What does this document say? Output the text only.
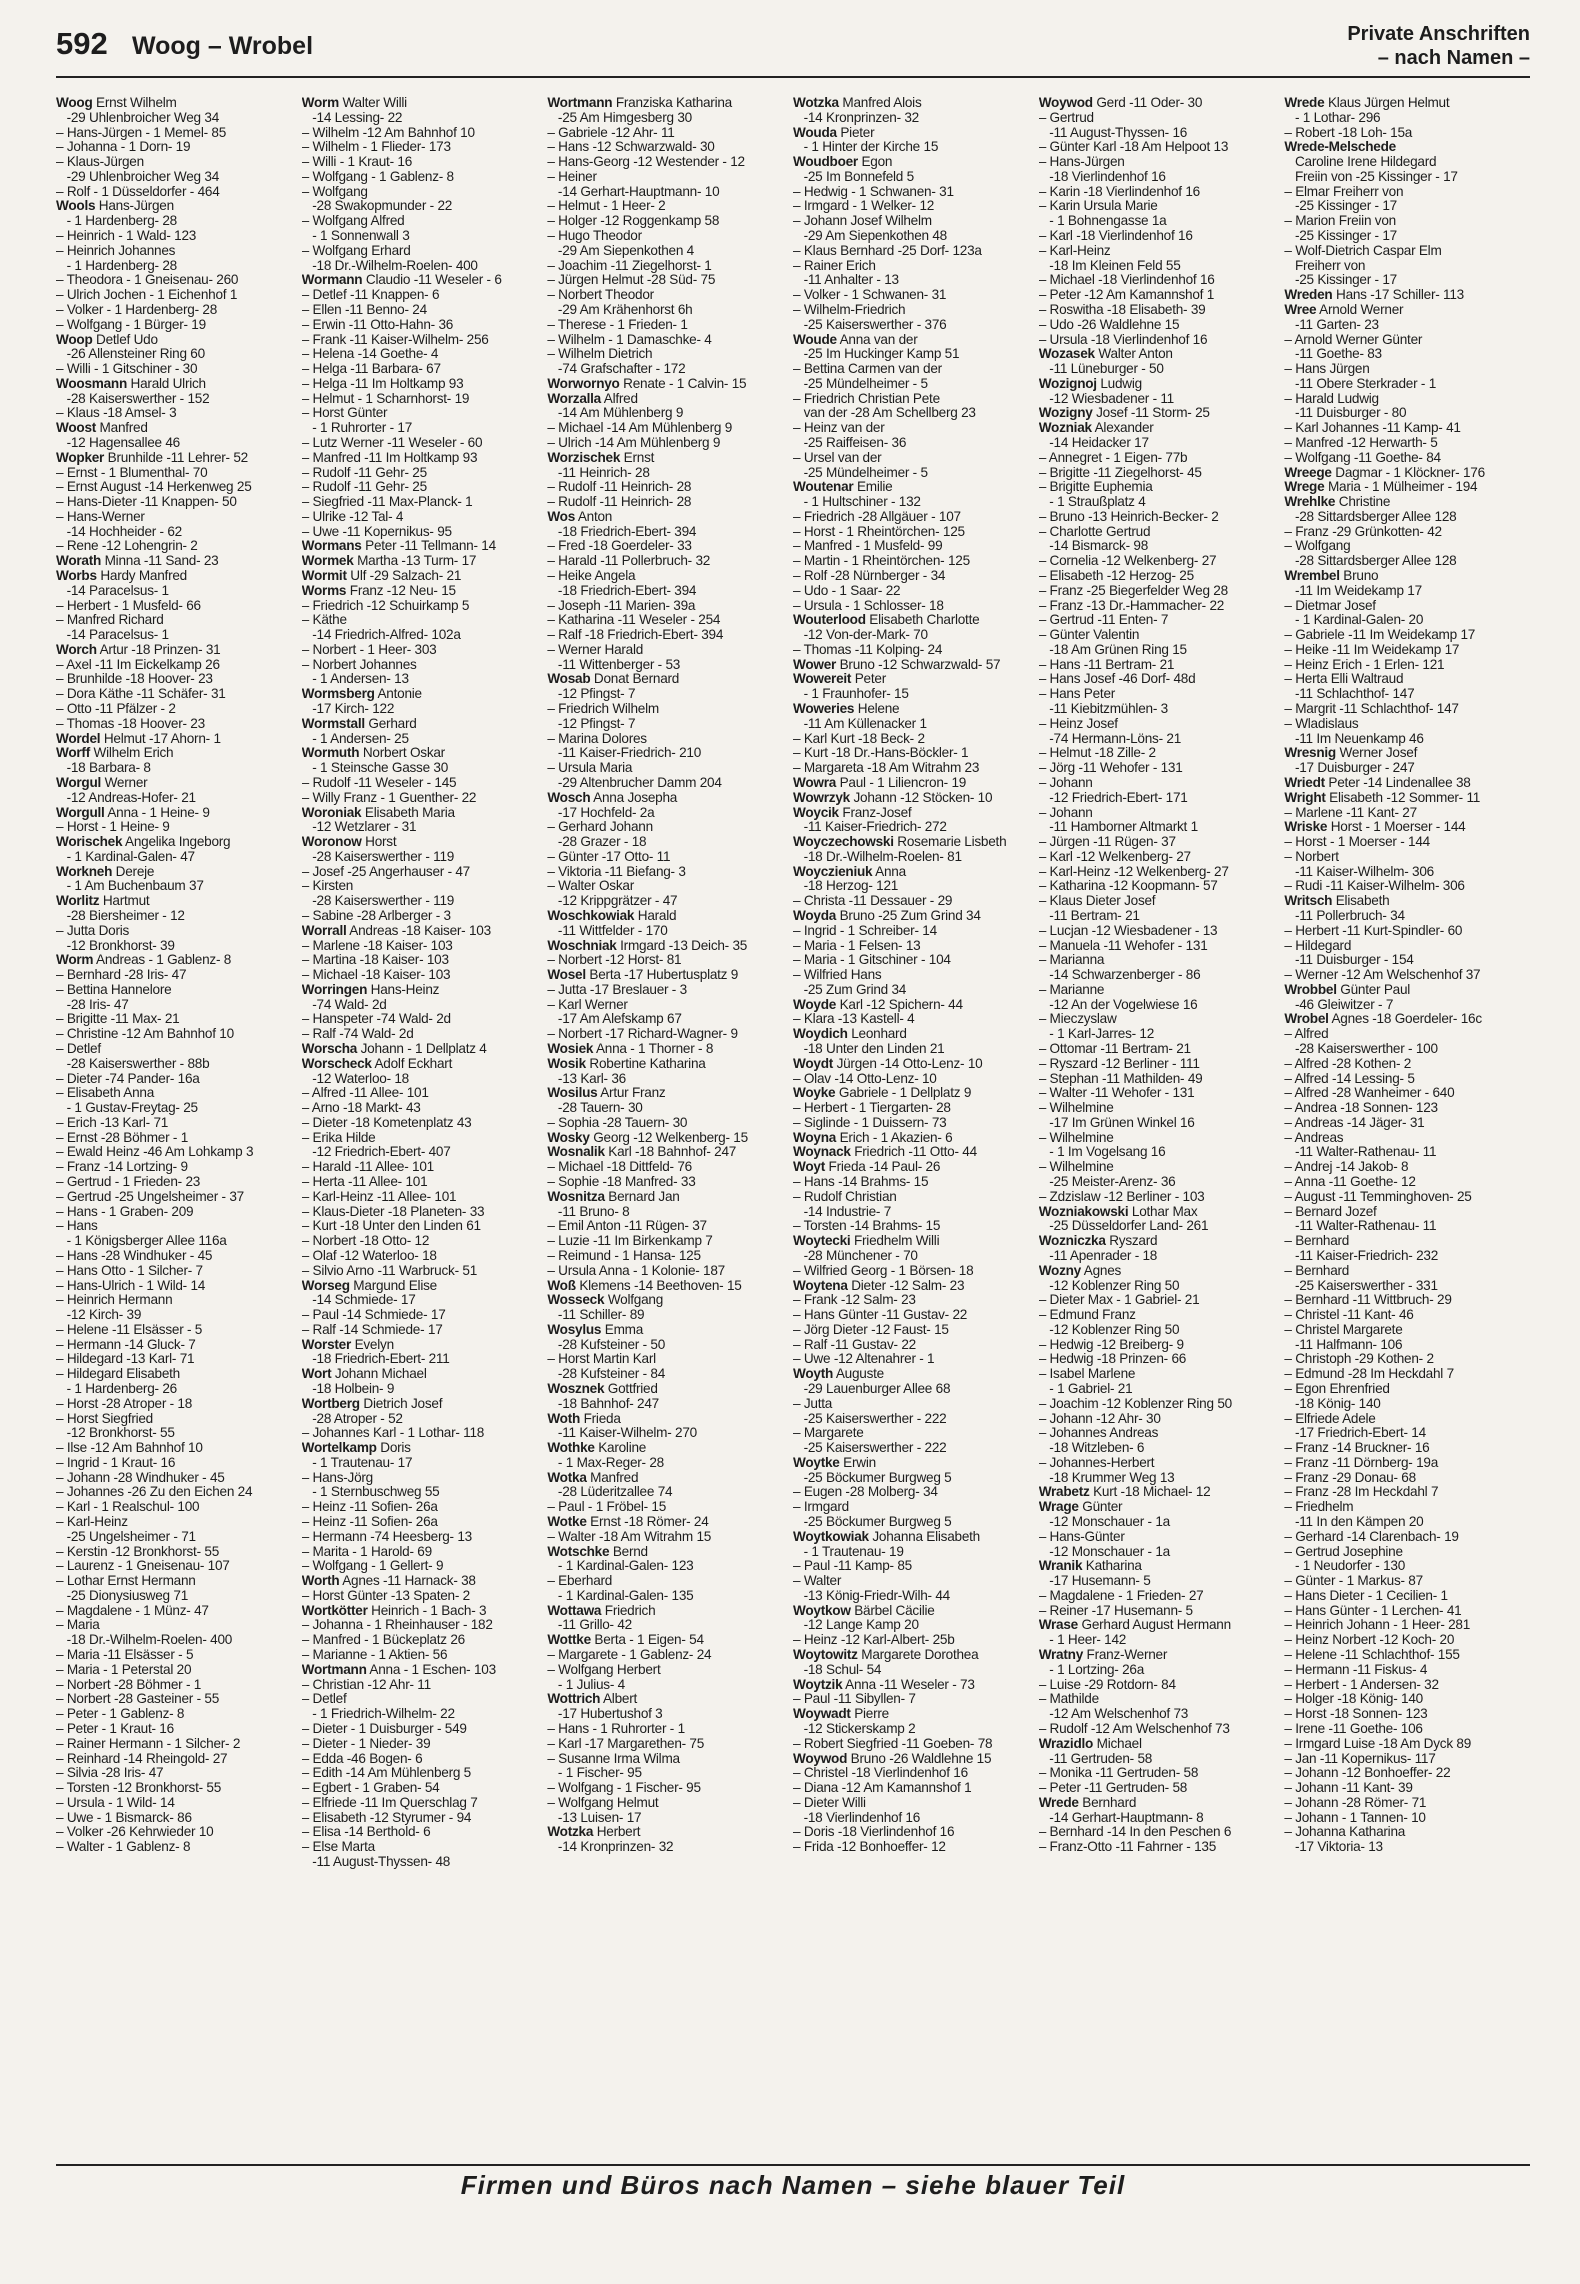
592 Woog – Wrobel	Private Anschriften
– nach Namen –
Woog Ernst Wilhelm
-29 Uhlenbroicher Weg 34
– Hans-Jürgen - 1 Memel- 85
– Johanna - 1 Dorn- 19
– Klaus-Jürgen
-29 Uhlenbroicher Weg 34
– Rolf - 1 Düsseldorfer - 464
Wools Hans-Jürgen
- 1 Hardenberg- 28
– Heinrich - 1 Wald- 123
– Heinrich Johannes
- 1 Hardenberg- 28
– Theodora - 1 Gneisenau- 260
– Ulrich Jochen - 1 Eichenhof 1
– Volker - 1 Hardenberg- 28
– Wolfgang - 1 Bürger- 19
Woop Detlef Udo
-26 Allensteiner Ring 60
– Willi - 1 Gitschiner - 30
Woosmann Harald Ulrich
-28 Kaiserswerther - 152
– Klaus -18 Amsel- 3
Woost Manfred
-12 Hagensallee 46
Wopker Brunhilde -11 Lehrer- 52
– Ernst - 1 Blumenthal- 70
– Ernst August -14 Herkenweg 25
– Hans-Dieter -11 Knappen- 50
– Hans-Werner
-14 Hochheider - 62
– Rene -12 Lohengrin- 2
Worath Minna -11 Sand- 23
Worbs Hardy Manfred
-14 Paracelsus- 1
– Herbert - 1 Musfeld- 66
– Manfred Richard
-14 Paracelsus- 1
Worch Artur -18 Prinzen- 31
– Axel -11 Im Eickelkamp 26
– Brunhilde -18 Hoover- 23
– Dora Käthe -11 Schäfer- 31
– Otto -11 Pfälzer - 2
– Thomas -18 Hoover- 23
Wordel Helmut -17 Ahorn- 1
Worff Wilhelm Erich
-18 Barbara- 8
Worgul Werner
-12 Andreas-Hofer- 21
Worgull Anna - 1 Heine- 9
– Horst - 1 Heine- 9
Worischek Angelika Ingeborg
- 1 Kardinal-Galen- 47
Workneh Dereje
- 1 Am Buchenbaum 37
Worlitz Hartmut
-28 Biersheimer - 12
– Jutta Doris
-12 Bronkhorst- 39
Worm Andreas - 1 Gablenz- 8
– Bernhard -28 Iris- 47
– Bettina Hannelore
-28 Iris- 47
– Brigitte -11 Max- 21
– Christine -12 Am Bahnhof 10
– Detlef
-28 Kaiserswerther - 88b
– Dieter -74 Pander- 16a
– Elisabeth Anna
- 1 Gustav-Freytag- 25
– Erich -13 Karl- 71
– Ernst -28 Böhmer - 1
– Ewald Heinz -46 Am Lohkamp 3
– Franz -14 Lortzing- 9
– Gertrud - 1 Frieden- 23
– Gertrud -25 Ungelsheimer - 37
– Hans - 1 Graben- 209
– Hans
- 1 Königsberger Allee 116a
– Hans -28 Windhuker - 45
– Hans Otto - 1 Silcher- 7
– Hans-Ulrich - 1 Wild- 14
– Heinrich Hermann
-12 Kirch- 39
– Helene -11 Elsässer - 5
– Hermann -14 Gluck- 7
– Hildegard -13 Karl- 71
– Hildegard Elisabeth
- 1 Hardenberg- 26
– Horst -28 Atroper - 18
– Horst Siegfried
-12 Bronkhorst- 55
– Ilse -12 Am Bahnhof 10
– Ingrid - 1 Kraut- 16
– Johann -28 Windhuker - 45
– Johannes -26 Zu den Eichen 24
– Karl - 1 Realschul- 100
– Karl-Heinz
-25 Ungelsheimer - 71
– Kerstin -12 Bronkhorst- 55
– Laurenz - 1 Gneisenau- 107
– Lothar Ernst Hermann
-25 Dionysiusweg 71
– Magdalene - 1 Münz- 47
– Maria
-18 Dr.-Wilhelm-Roelen- 400
– Maria -11 Elsässer - 5
– Maria - 1 Peterstal 20
– Norbert -28 Böhmer - 1
– Norbert -28 Gasteiner - 55
– Peter - 1 Gablenz- 8
– Peter - 1 Kraut- 16
– Rainer Hermann - 1 Silcher- 2
– Reinhard -14 Rheingold- 27
– Silvia -28 Iris- 47
– Torsten -12 Bronkhorst- 55
– Ursula - 1 Wild- 14
– Uwe - 1 Bismarck- 86
– Volker -26 Kehrwieder 10
– Walter - 1 Gablenz- 8
Worm Walter Willi
-14 Lessing- 22
– Wilhelm -12 Am Bahnhof 10
– Wilhelm - 1 Flieder- 173
– Willi - 1 Kraut- 16
– Wolfgang - 1 Gablenz- 8
– Wolfgang
-28 Swakopmunder - 22
– Wolfgang Alfred
- 1 Sonnenwall 3
– Wolfgang Erhard
-18 Dr.-Wilhelm-Roelen- 400
Wormann Claudio -11 Weseler - 6
– Detlef -11 Knappen- 6
– Ellen -11 Benno- 24
– Erwin -11 Otto-Hahn- 36
– Frank -11 Kaiser-Wilhelm- 256
– Helena -14 Goethe- 4
– Helga -11 Barbara- 67
– Helga -11 Im Holtkamp 93
– Helmut - 1 Scharnhorst- 19
– Horst Günter
- 1 Ruhrorter - 17
– Lutz Werner -11 Weseler - 60
– Manfred -11 Im Holtkamp 93
– Rudolf -11 Gehr- 25
– Rudolf -11 Gehr- 25
– Siegfried -11 Max-Planck- 1
– Ulrike -12 Tal- 4
– Uwe -11 Kopernikus- 95
Wormans Peter -11 Tellmann- 14
Wormek Martha -13 Turm- 17
Wormit Ulf -29 Salzach- 21
Worms Franz -12 Neu- 15
– Friedrich -12 Schuirkamp 5
– Käthe
-14 Friedrich-Alfred- 102a
– Norbert - 1 Heer- 303
– Norbert Johannes
- 1 Andersen- 13
Wormsberg Antonie
-17 Kirch- 122
Wormstall Gerhard
- 1 Andersen- 25
Wormuth Norbert Oskar
- 1 Steinsche Gasse 30
– Rudolf -11 Weseler - 145
– Willy Franz - 1 Guenther- 22
Woroniak Elisabeth Maria
-12 Wetzlarer - 31
Woronow Horst
-28 Kaiserswerther - 119
– Josef -25 Angerhauser - 47
– Kirsten
-28 Kaiserswerther - 119
– Sabine -28 Arlberger - 3
Worrall Andreas -18 Kaiser- 103
– Marlene -18 Kaiser- 103
– Martina -18 Kaiser- 103
– Michael -18 Kaiser- 103
Worringen Hans-Heinz
-74 Wald- 2d
– Hanspeter -74 Wald- 2d
– Ralf -74 Wald- 2d
Worscha Johann - 1 Dellplatz 4
Worscheck Adolf Eckhart
-12 Waterloo- 18
– Alfred -11 Allee- 101
– Arno -18 Markt- 43
– Dieter -18 Kometenplatz 43
– Erika Hilde
-12 Friedrich-Ebert- 407
– Harald -11 Allee- 101
– Herta -11 Allee- 101
– Karl-Heinz -11 Allee- 101
– Klaus-Dieter -18 Planeten- 33
– Kurt -18 Unter den Linden 61
– Norbert -18 Otto- 12
– Olaf -12 Waterloo- 18
– Silvio Arno -11 Warbruck- 51
Worseg Margund Elise
-14 Schmiede- 17
– Paul -14 Schmiede- 17
– Ralf -14 Schmiede- 17
Worster Evelyn
-18 Friedrich-Ebert- 211
Wort Johann Michael
-18 Holbein- 9
Wortberg Dietrich Josef
-28 Atroper - 52
– Johannes Karl - 1 Lothar- 118
Wortelkamp Doris
- 1 Trautenau- 17
– Hans-Jörg
- 1 Sternbuschweg 55
– Heinz -11 Sofien- 26a
– Heinz -11 Sofien- 26a
– Hermann -74 Heesberg- 13
– Marita - 1 Harold- 69
– Wolfgang - 1 Gellert- 9
Worth Agnes -11 Harnack- 38
– Horst Günter -13 Spaten- 2
Wortkötter Heinrich - 1 Bach- 3
– Johanna - 1 Rheinhauser - 182
– Manfred - 1 Bückeplatz 26
– Marianne - 1 Aktien- 56
Wortmann Anna - 1 Eschen- 103
– Christian -12 Ahr- 11
– Detlef
- 1 Friedrich-Wilhelm- 22
– Dieter - 1 Duisburger - 549
– Dieter - 1 Nieder- 39
– Edda -46 Bogen- 6
– Edith -14 Am Mühlenberg 5
– Egbert - 1 Graben- 54
– Elfriede -11 Im Querschlag 7
– Elisabeth -12 Styrumer - 94
– Elisa -14 Berthold- 6
– Else Marta
-11 August-Thyssen- 48
Wortmann Franziska Katharina
-25 Am Himgesberg 30
– Gabriele -12 Ahr- 11
– Hans -12 Schwarzwald- 30
– Hans-Georg -12 Westender - 12
– Heiner
-14 Gerhart-Hauptmann- 10
– Helmut - 1 Heer- 2
– Holger -12 Roggenkamp 58
– Hugo Theodor
-29 Am Siepenkothen 4
– Joachim -11 Ziegelhorst- 1
– Jürgen Helmut -28 Süd- 75
– Norbert Theodor
-29 Am Krähenhorst 6h
– Therese - 1 Frieden- 1
– Wilhelm - 1 Damaschke- 4
– Wilhelm Dietrich
-74 Grafschafter - 172
Worwornyo Renate - 1 Calvin- 15
Worzalla Alfred
-14 Am Mühlenberg 9
– Michael -14 Am Mühlenberg 9
– Ulrich -14 Am Mühlenberg 9
Worzischek Ernst
-11 Heinrich- 28
– Rudolf -11 Heinrich- 28
– Rudolf -11 Heinrich- 28
Wos Anton
-18 Friedrich-Ebert- 394
– Fred -18 Goerdeler- 33
– Harald -11 Pollerbruch- 32
– Heike Angela
-18 Friedrich-Ebert- 394
– Joseph -11 Marien- 39a
– Katharina -11 Weseler - 254
– Ralf -18 Friedrich-Ebert- 394
– Werner Harald
-11 Wittenberger - 53
Wosab Donat Bernard
-12 Pfingst- 7
– Friedrich Wilhelm
-12 Pfingst- 7
– Marina Dolores
-11 Kaiser-Friedrich- 210
– Ursula Maria
-29 Altenbrucher Damm 204
Wosch Anna Josepha
-17 Hochfeld- 2a
– Gerhard Johann
-28 Grazer - 18
– Günter -17 Otto- 11
– Viktoria -11 Biefang- 3
– Walter Oskar
-12 Krippgrätzer - 47
Woschkowiak Harald
-11 Wittfelder - 170
Woschniak Irmgard -13 Deich- 35
– Norbert -12 Horst- 81
Wosel Berta -17 Hubertusplatz 9
– Jutta -17 Breslauer - 3
– Karl Werner
-17 Am Alefskamp 67
– Norbert -17 Richard-Wagner- 9
Wosiek Anna - 1 Thorner - 8
Wosik Robertine Katharina
-13 Karl- 36
Wosilus Artur Franz
-28 Tauern- 30
– Sophia -28 Tauern- 30
Wosky Georg -12 Welkenberg- 15
Wosnalik Karl -18 Bahnhof- 247
– Michael -18 Dittfeld- 76
– Sophie -18 Manfred- 33
Wosnitza Bernard Jan
-11 Bruno- 8
– Emil Anton -11 Rügen- 37
– Luzie -11 Im Birkenkamp 7
– Reimund - 1 Hansa- 125
– Ursula Anna - 1 Kolonie- 187
Woß Klemens -14 Beethoven- 15
Wosseck Wolfgang
-11 Schiller- 89
Wosylus Emma
-28 Kufsteiner - 50
– Horst Martin Karl
-28 Kufsteiner - 84
Wosznek Gottfried
-18 Bahnhof- 247
Woth Frieda
-11 Kaiser-Wilhelm- 270
Wothke Karoline
- 1 Max-Reger- 28
Wotka Manfred
-28 Lüderitzallee 74
– Paul - 1 Fröbel- 15
Wotke Ernst -18 Römer- 24
– Walter -18 Am Witrahm 15
Wotschke Bernd
- 1 Kardinal-Galen- 123
– Eberhard
- 1 Kardinal-Galen- 135
Wottawa Friedrich
-11 Grillo- 42
Wottke Berta - 1 Eigen- 54
– Margarete - 1 Gablenz- 24
– Wolfgang Herbert
- 1 Julius- 4
Wottrich Albert
-17 Hubertushof 3
– Hans - 1 Ruhrorter - 1
– Karl -17 Margarethen- 75
– Susanne Irma Wilma
- 1 Fischer- 95
– Wolfgang - 1 Fischer- 95
– Wolfgang Helmut
-13 Luisen- 17
Wotzka Herbert
-14 Kronprinzen- 32
Wotzka Manfred Alois
-14 Kronprinzen- 32
Wouda Pieter
- 1 Hinter der Kirche 15
Woudboer Egon
-25 Im Bonnefeld 5
– Hedwig - 1 Schwanen- 31
– Irmgard - 1 Welker- 12
– Johann Josef Wilhelm
-29 Am Siepenkothen 48
– Klaus Bernhard -25 Dorf- 123a
– Rainer Erich
-11 Anhalter - 13
– Volker - 1 Schwanen- 31
– Wilhelm-Friedrich
-25 Kaiserswerther - 376
Woude Anna van der
-25 Im Huckinger Kamp 51
– Bettina Carmen van der
-25 Mündelheimer - 5
– Friedrich Christian Pete
van der -28 Am Schellberg 23
– Heinz van der
-25 Raiffeisen- 36
– Ursel van der
-25 Mündelheimer - 5
Woutenar Emilie
- 1 Hultschiner - 132
– Friedrich -28 Allgäuer - 107
– Horst - 1 Rheintörchen- 125
– Manfred - 1 Musfeld- 99
– Martin - 1 Rheintörchen- 125
– Rolf -28 Nürnberger - 34
– Udo - 1 Saar- 22
– Ursula - 1 Schlosser- 18
Wouterlood Elisabeth Charlotte
-12 Von-der-Mark- 70
– Thomas -11 Kolping- 24
Wower Bruno -12 Schwarzwald- 57
Wowereit Peter
- 1 Fraunhofer- 15
Woweries Helene
-11 Am Küllenacker 1
– Karl Kurt -18 Beck- 2
– Kurt -18 Dr.-Hans-Böckler- 1
– Margareta -18 Am Witrahm 23
Wowra Paul - 1 Liliencron- 19
Wowrzyk Johann -12 Stöcken- 10
Woycik Franz-Josef
-11 Kaiser-Friedrich- 272
Woyczechowski Rosemarie Lisbeth
-18 Dr.-Wilhelm-Roelen- 81
Woyczieniuk Anna
-18 Herzog- 121
– Christa -11 Dessauer - 29
Woyda Bruno -25 Zum Grind 34
– Ingrid - 1 Schreiber- 14
– Maria - 1 Felsen- 13
– Maria - 1 Gitschiner - 104
– Wilfried Hans
-25 Zum Grind 34
Woyde Karl -12 Spichern- 44
– Klara -13 Kastell- 4
Woydich Leonhard
-18 Unter den Linden 21
Woydt Jürgen -14 Otto-Lenz- 10
– Olav -14 Otto-Lenz- 10
Woyke Gabriele - 1 Dellplatz 9
– Herbert - 1 Tiergarten- 28
– Siglinde - 1 Duissern- 73
Woyna Erich - 1 Akazien- 6
Woynack Friedrich -11 Otto- 44
Woyt Frieda -14 Paul- 26
– Hans -14 Brahms- 15
– Rudolf Christian
-14 Industrie- 7
– Torsten -14 Brahms- 15
Woytecki Friedhelm Willi
-28 Münchener - 70
– Wilfried Georg - 1 Börsen- 18
Woytena Dieter -12 Salm- 23
– Frank -12 Salm- 23
– Hans Günter -11 Gustav- 22
– Jörg Dieter -12 Faust- 15
– Ralf -11 Gustav- 22
– Uwe -12 Altenahrer - 1
Woyth Auguste
-29 Lauenburger Allee 68
– Jutta
-25 Kaiserswerther - 222
– Margarete
-25 Kaiserswerther - 222
Woytke Erwin
-25 Böckumer Burgweg 5
– Eugen -28 Molberg- 34
– Irmgard
-25 Böckumer Burgweg 5
Woytkowiak Johanna Elisabeth
- 1 Trautenau- 19
– Paul -11 Kamp- 85
– Walter
-13 König-Friedr-Wilh- 44
Woytkow Bärbel Cäcilie
-12 Lange Kamp 20
– Heinz -12 Karl-Albert- 25b
Woytowitz Margarete Dorothea
-18 Schul- 54
Woytzik Anna -11 Weseler - 73
– Paul -11 Sibyllen- 7
Woywadt Pierre
-12 Stickerskamp 2
– Robert Siegfried -11 Goeben- 78
Woywod Bruno -26 Waldlehne 15
– Christel -18 Vierlindenhof 16
– Diana -12 Am Kamannshof 1
– Dieter Willi
-18 Vierlindenhof 16
– Doris -18 Vierlindenhof 16
– Frida -12 Bonhoeffer- 12
Woywod Gerd -11 Oder- 30
– Gertrud
-11 August-Thyssen- 16
– Günter Karl -18 Am Helpoot 13
– Hans-Jürgen
-18 Vierlindenhof 16
– Karin -18 Vierlindenhof 16
– Karin Ursula Marie
- 1 Bohnengasse 1a
– Karl -18 Vierlindenhof 16
– Karl-Heinz
-18 Im Kleinen Feld 55
– Michael -18 Vierlindenhof 16
– Peter -12 Am Kamannshof 1
– Roswitha -18 Elisabeth- 39
– Udo -26 Waldlehne 15
– Ursula -18 Vierlindenhof 16
Wozasek Walter Anton
-11 Lüneburger - 50
Wozignoj Ludwig
-12 Wiesbadener - 11
Wozigny Josef -11 Storm- 25
Wozniak Alexander
-14 Heidacker 17
– Annegret - 1 Eigen- 77b
– Brigitte -11 Ziegelhorst- 45
– Brigitte Euphemia
- 1 Straußplatz 4
– Bruno -13 Heinrich-Becker- 2
– Charlotte Gertrud
-14 Bismarck- 98
– Cornelia -12 Welkenberg- 27
– Elisabeth -12 Herzog- 25
– Franz -25 Biegerfelder Weg 28
– Franz -13 Dr.-Hammacher- 22
– Gertrud -11 Enten- 7
– Günter Valentin
-18 Am Grünen Ring 15
– Hans -11 Bertram- 21
– Hans Josef -46 Dorf- 48d
– Hans Peter
-11 Kiebitzmühlen- 3
– Heinz Josef
-74 Hermann-Löns- 21
– Helmut -18 Zille- 2
– Jörg -11 Wehofer - 131
– Johann
-12 Friedrich-Ebert- 171
– Johann
-11 Hamborner Altmarkt 1
– Jürgen -11 Rügen- 37
– Karl -12 Welkenberg- 27
– Karl-Heinz -12 Welkenberg- 27
– Katharina -12 Koopmann- 57
– Klaus Dieter Josef
-11 Bertram- 21
– Lucjan -12 Wiesbadener - 13
– Manuela -11 Wehofer - 131
– Marianna
-14 Schwarzenberger - 86
– Marianne
-12 An der Vogelwiese 16
– Mieczyslaw
- 1 Karl-Jarres- 12
– Ottomar -11 Bertram- 21
– Ryszard -12 Berliner - 111
– Stephan -11 Mathilden- 49
– Walter -11 Wehofer - 131
– Wilhelmine
-17 Im Grünen Winkel 16
– Wilhelmine
- 1 Im Vogelsang 16
– Wilhelmine
-25 Meister-Arenz- 36
– Zdzislaw -12 Berliner - 103
Wozniakowski Lothar Max
-25 Düsseldorfer Land- 261
Wozniczka Ryszard
-11 Apenrader - 18
Wozny Agnes
-12 Koblenzer Ring 50
– Dieter Max - 1 Gabriel- 21
– Edmund Franz
-12 Koblenzer Ring 50
– Hedwig -12 Breiberg- 9
– Hedwig -18 Prinzen- 66
– Isabel Marlene
- 1 Gabriel- 21
– Joachim -12 Koblenzer Ring 50
– Johann -12 Ahr- 30
– Johannes Andreas
-18 Witzleben- 6
– Johannes-Herbert
-18 Krummer Weg 13
Wrabetz Kurt -18 Michael- 12
Wrage Günter
-12 Monschauer - 1a
– Hans-Günter
-12 Monschauer - 1a
Wranik Katharina
-17 Husemann- 5
– Magdalene - 1 Frieden- 27
– Reiner -17 Husemann- 5
Wrase Gerhard August Hermann
- 1 Heer- 142
Wratny Franz-Werner
- 1 Lortzing- 26a
– Luise -29 Rotdorn- 84
– Mathilde
-12 Am Welschenhof 73
– Rudolf -12 Am Welschenhof 73
Wrazidlo Michael
-11 Gertruden- 58
– Monika -11 Gertruden- 58
– Peter -11 Gertruden- 58
Wrede Bernhard
-14 Gerhart-Hauptmann- 8
– Bernhard -14 In den Peschen 6
– Franz-Otto -11 Fahrner - 135
Wrede Klaus Jürgen Helmut
- 1 Lothar- 296
– Robert -18 Loh- 15a
Wrede-Melschede
Caroline Irene Hildegard
Freiin von -25 Kissinger - 17
– Elmar Freiherr von
-25 Kissinger - 17
– Marion Freiin von
-25 Kissinger - 17
– Wolf-Dietrich Caspar Elm
Freiherr von
-25 Kissinger - 17
Wreden Hans -17 Schiller- 113
Wree Arnold Werner
-11 Garten- 23
– Arnold Werner Günter
-11 Goethe- 83
– Hans Jürgen
-11 Obere Sterkrader - 1
– Harald Ludwig
-11 Duisburger - 80
– Karl Johannes -11 Kamp- 41
– Manfred -12 Herwarth- 5
– Wolfgang -11 Goethe- 84
Wreege Dagmar - 1 Klöckner- 176
Wrege Maria - 1 Mülheimer - 194
Wrehlke Christine
-28 Sittardsberger Allee 128
– Franz -29 Grünkotten- 42
– Wolfgang
-28 Sittardsberger Allee 128
Wrembel Bruno
-11 Im Weidekamp 17
– Dietmar Josef
- 1 Kardinal-Galen- 20
– Gabriele -11 Im Weidekamp 17
– Heike -11 Im Weidekamp 17
– Heinz Erich - 1 Erlen- 121
– Herta Elli Waltraud
-11 Schlachthof- 147
– Margrit -11 Schlachthof- 147
– Wladislaus
-11 Im Neuenkamp 46
Wresnig Werner Josef
-17 Duisburger - 247
Wriedt Peter -14 Lindenallee 38
Wright Elisabeth -12 Sommer- 11
– Marlene -11 Kant- 27
Wriske Horst - 1 Moerser - 144
– Horst - 1 Moerser - 144
– Norbert
-11 Kaiser-Wilhelm- 306
– Rudi -11 Kaiser-Wilhelm- 306
Writsch Elisabeth
-11 Pollerbruch- 34
– Herbert -11 Kurt-Spindler- 60
– Hildegard
-11 Duisburger - 154
– Werner -12 Am Welschenhof 37
Wrobbel Günter Paul
-46 Gleiwitzer - 7
Wrobel Agnes -18 Goerdeler- 16c
– Alfred
-28 Kaiserswerther - 100
– Alfred -28 Kothen- 2
– Alfred -14 Lessing- 5
– Alfred -28 Wanheimer - 640
– Andrea -18 Sonnen- 123
– Andreas -14 Jäger- 31
– Andreas
-11 Walter-Rathenau- 11
– Andrej -14 Jakob- 8
– Anna -11 Goethe- 12
– August -11 Temminghoven- 25
– Bernard Jozef
-11 Walter-Rathenau- 11
– Bernhard
-11 Kaiser-Friedrich- 232
– Bernhard
-25 Kaiserswerther - 331
– Bernhard -11 Wittbruch- 29
– Christel -11 Kant- 46
– Christel Margarete
-11 Halfmann- 106
– Christoph -29 Kothen- 2
– Edmund -28 Im Heckdahl 7
– Egon Ehrenfried
-18 König- 140
– Elfriede Adele
-17 Friedrich-Ebert- 14
– Franz -14 Bruckner- 16
– Franz -11 Dörnberg- 19a
– Franz -29 Donau- 68
– Franz -28 Im Heckdahl 7
– Friedhelm
-11 In den Kämpen 20
– Gerhard -14 Clarenbach- 19
– Gertrud Josephine
- 1 Neudorfer - 130
– Günter - 1 Markus- 87
– Hans Dieter - 1 Cecilien- 1
– Hans Günter - 1 Lerchen- 41
– Heinrich Johann - 1 Heer- 281
– Heinz Norbert -12 Koch- 20
– Helene -11 Schlachthof- 155
– Hermann -11 Fiskus- 4
– Herbert - 1 Andersen- 32
– Holger -18 König- 140
– Horst -18 Sonnen- 123
– Irene -11 Goethe- 106
– Irmgard Luise -18 Am Dyck 89
– Jan -11 Kopernikus- 117
– Johann -12 Bonhoeffer- 22
– Johann -11 Kant- 39
– Johann -28 Römer- 71
– Johann - 1 Tannen- 10
– Johanna Katharina
-17 Viktoria- 13
Firmen und Büros nach Namen – siehe blauer Teil
